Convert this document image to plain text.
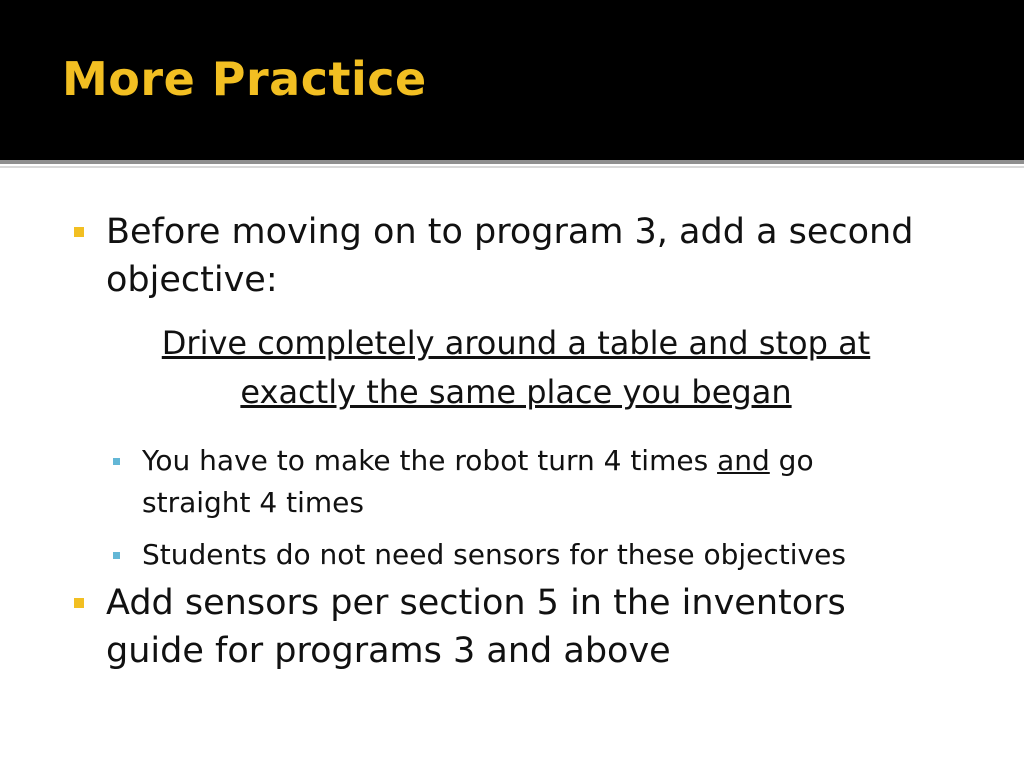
More Practice
Before moving on to program 3, add a second
objective:
Drive completely around a table and stop at
exactly the same place you began
You have to make the robot turn 4 times and go
straight 4 times
Students do not need sensors for these objectives
Add sensors per section 5 in the inventors
guide for programs 3 and above
